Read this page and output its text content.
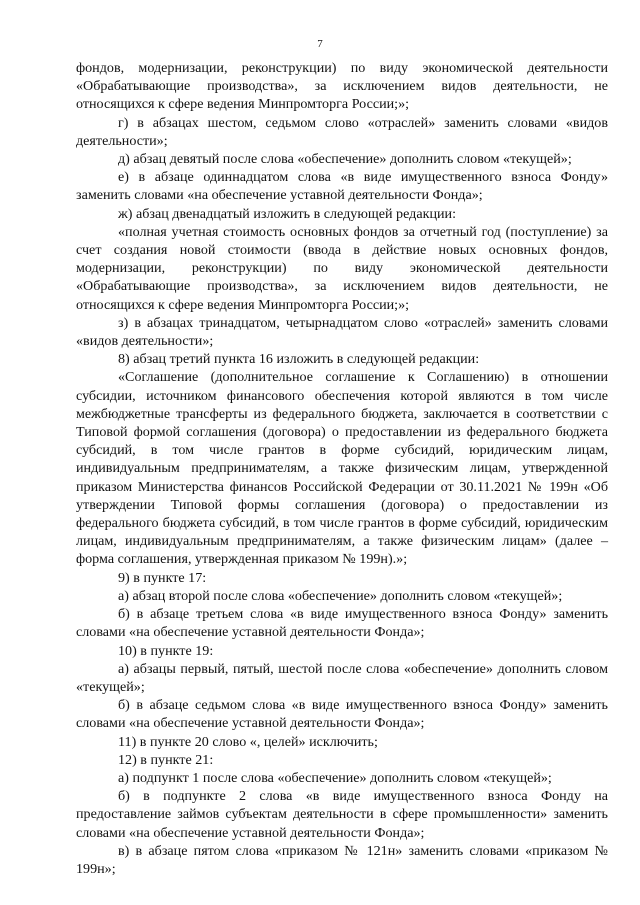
7

фондов, модернизации, реконструкции) по виду экономической деятельности «Обрабатывающие производства», за исключением видов деятельности, не относящихся к сфере ведения Минпромторга России;»;

г) в абзацах шестом, седьмом слово «отраслей» заменить словами «видов деятельности»;

д) абзац девятый после слова «обеспечение» дополнить словом «текущей»;

е) в абзаце одиннадцатом слова «в виде имущественного взноса Фонду» заменить словами «на обеспечение уставной деятельности Фонда»;

ж) абзац двенадцатый изложить в следующей редакции:

«полная учетная стоимость основных фондов за отчетный год (поступление) за счет создания новой стоимости (ввода в действие новых основных фондов, модернизации, реконструкции) по виду экономической деятельности «Обрабатывающие производства», за исключением видов деятельности, не относящихся к сфере ведения Минпромторга России;»;

з) в абзацах тринадцатом, четырнадцатом слово «отраслей» заменить словами «видов деятельности»;

8) абзац третий пункта 16 изложить в следующей редакции:

«Соглашение (дополнительное соглашение к Соглашению) в отношении субсидии, источником финансового обеспечения которой являются в том числе межбюджетные трансферты из федерального бюджета, заключается в соответствии с Типовой формой соглашения (договора) о предоставлении из федерального бюджета субсидий, в том числе грантов в форме субсидий, юридическим лицам, индивидуальным предпринимателям, а также физическим лицам, утвержденной приказом Министерства финансов Российской Федерации от 30.11.2021 № 199н «Об утверждении Типовой формы соглашения (договора) о предоставлении из федерального бюджета субсидий, в том числе грантов в форме субсидий, юридическим лицам, индивидуальным предпринимателям, а также физическим лицам» (далее – форма соглашения, утвержденная приказом № 199н).»;

9) в пункте 17:

а) абзац второй после слова «обеспечение» дополнить словом «текущей»;

б) в абзаце третьем слова «в виде имущественного взноса Фонду» заменить словами «на обеспечение уставной деятельности Фонда»;

10) в пункте 19:

а) абзацы первый, пятый, шестой после слова «обеспечение» дополнить словом «текущей»;

б) в абзаце седьмом слова «в виде имущественного взноса Фонду» заменить словами «на обеспечение уставной деятельности Фонда»;

11) в пункте 20 слово «, целей» исключить;

12) в пункте 21:

а) подпункт 1 после слова «обеспечение» дополнить словом «текущей»;

б) в подпункте 2 слова «в виде имущественного взноса Фонду на предоставление займов субъектам деятельности в сфере промышленности» заменить словами «на обеспечение уставной деятельности Фонда»;

в) в абзаце пятом слова «приказом № 121н» заменить словами «приказом № 199н»;
